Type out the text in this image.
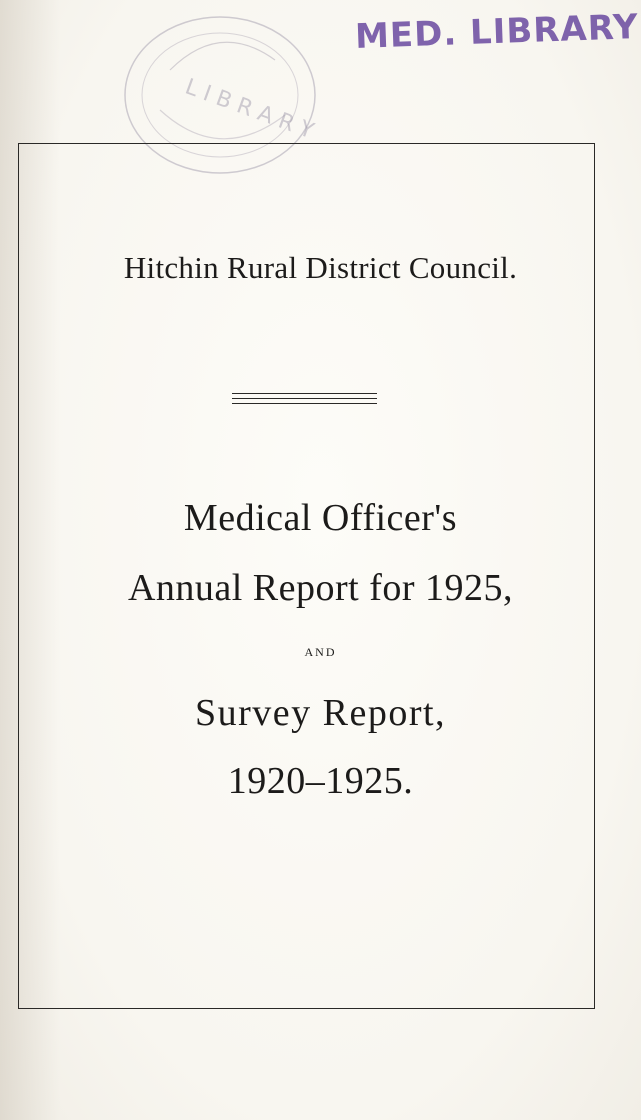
L I B R A R Y
MED. LIBRARY
Hitchin Rural District Council.
Medical Officer's
Annual Report for 1925,
AND
Survey Report,
1920–1925.
